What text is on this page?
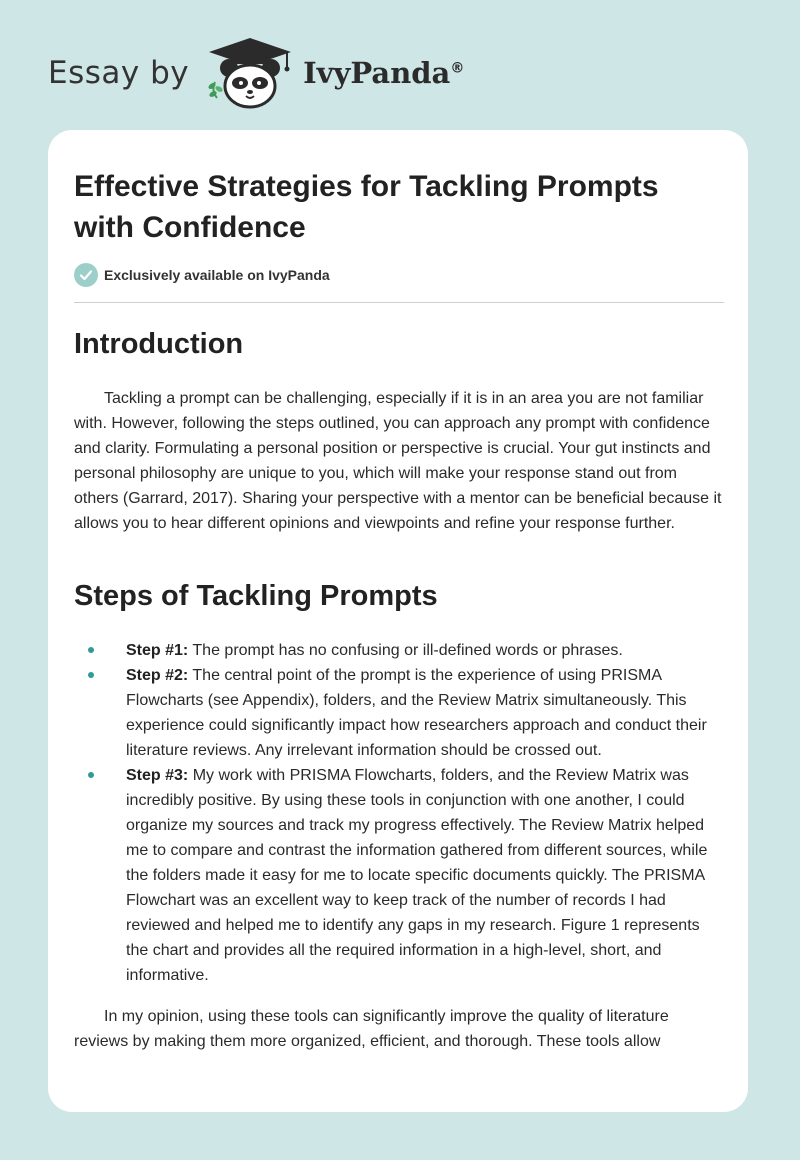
Essay by	IvyPanda®
Effective Strategies for Tackling Prompts with Confidence
Exclusively available on IvyPanda
Introduction

Tackling a prompt can be challenging, especially if it is in an area you are not familiar with. However, following the steps outlined, you can approach any prompt with confidence and clarity. Formulating a personal position or perspective is crucial. Your gut instincts and personal philosophy are unique to you, which will make your response stand out from others (Garrard, 2017). Sharing your perspective with a mentor can be beneficial because it allows you to hear different opinions and viewpoints and refine your response further.

Steps of Tackling Prompts
Step #1: The prompt has no confusing or ill-defined words or phrases.
Step #2: The central point of the prompt is the experience of using PRISMA Flowcharts (see Appendix), folders, and the Review Matrix simultaneously. This experience could significantly impact how researchers approach and conduct their literature reviews. Any irrelevant information should be crossed out.
Step #3: My work with PRISMA Flowcharts, folders, and the Review Matrix was incredibly positive. By using these tools in conjunction with one another, I could organize my sources and track my progress effectively. The Review Matrix helped me to compare and contrast the information gathered from different sources, while the folders made it easy for me to locate specific documents quickly. The PRISMA Flowchart was an excellent way to keep track of the number of records I had reviewed and helped me to identify any gaps in my research. Figure 1 represents the chart and provides all the required information in a high-level, short, and informative.

In my opinion, using these tools can significantly improve the quality of literature reviews by making them more organized, efficient, and thorough. These tools allow
